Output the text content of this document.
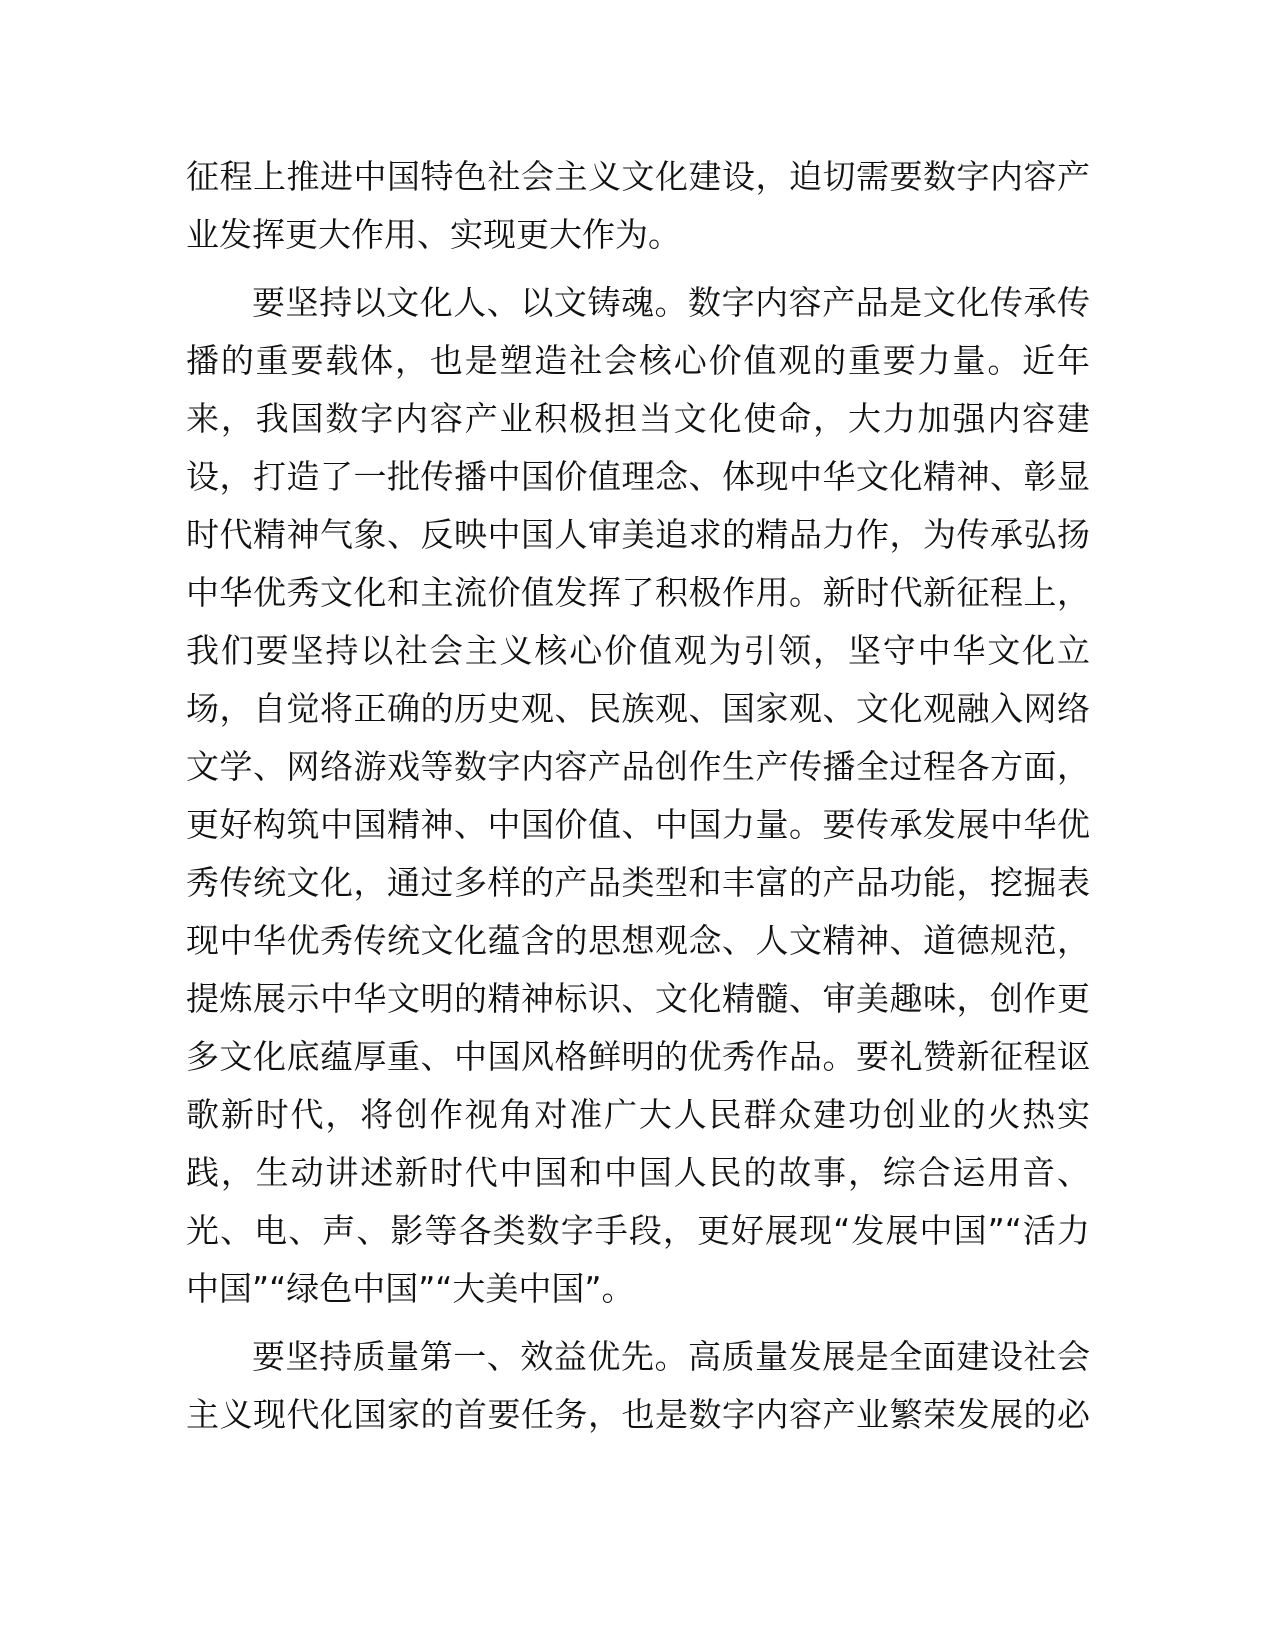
征程上推进中国特色社会主义文化建设，迫切需要数字内容产
业发挥更大作用、实现更大作为。
要坚持以文化人、以文铸魂。数字内容产品是文化传承传
播的重要载体，也是塑造社会核心价值观的重要力量。近年
来，我国数字内容产业积极担当文化使命，大力加强内容建
设，打造了一批传播中国价值理念、体现中华文化精神、彰显
时代精神气象、反映中国人审美追求的精品力作，为传承弘扬
中华优秀文化和主流价值发挥了积极作用。新时代新征程上，
我们要坚持以社会主义核心价值观为引领，坚守中华文化立
场，自觉将正确的历史观、民族观、国家观、文化观融入网络
文学、网络游戏等数字内容产品创作生产传播全过程各方面，
更好构筑中国精神、中国价值、中国力量。要传承发展中华优
秀传统文化，通过多样的产品类型和丰富的产品功能，挖掘表
现中华优秀传统文化蕴含的思想观念、人文精神、道德规范，
提炼展示中华文明的精神标识、文化精髓、审美趣味，创作更
多文化底蕴厚重、中国风格鲜明的优秀作品。要礼赞新征程讴
歌新时代，将创作视角对准广大人民群众建功创业的火热实
践，生动讲述新时代中国和中国人民的故事，综合运用音、
光、电、声、影等各类数字手段，更好展现“发展中国”“活力
中国”“绿色中国”“大美中国”。
要坚持质量第一、效益优先。高质量发展是全面建设社会
主义现代化国家的首要任务，也是数字内容产业繁荣发展的必
